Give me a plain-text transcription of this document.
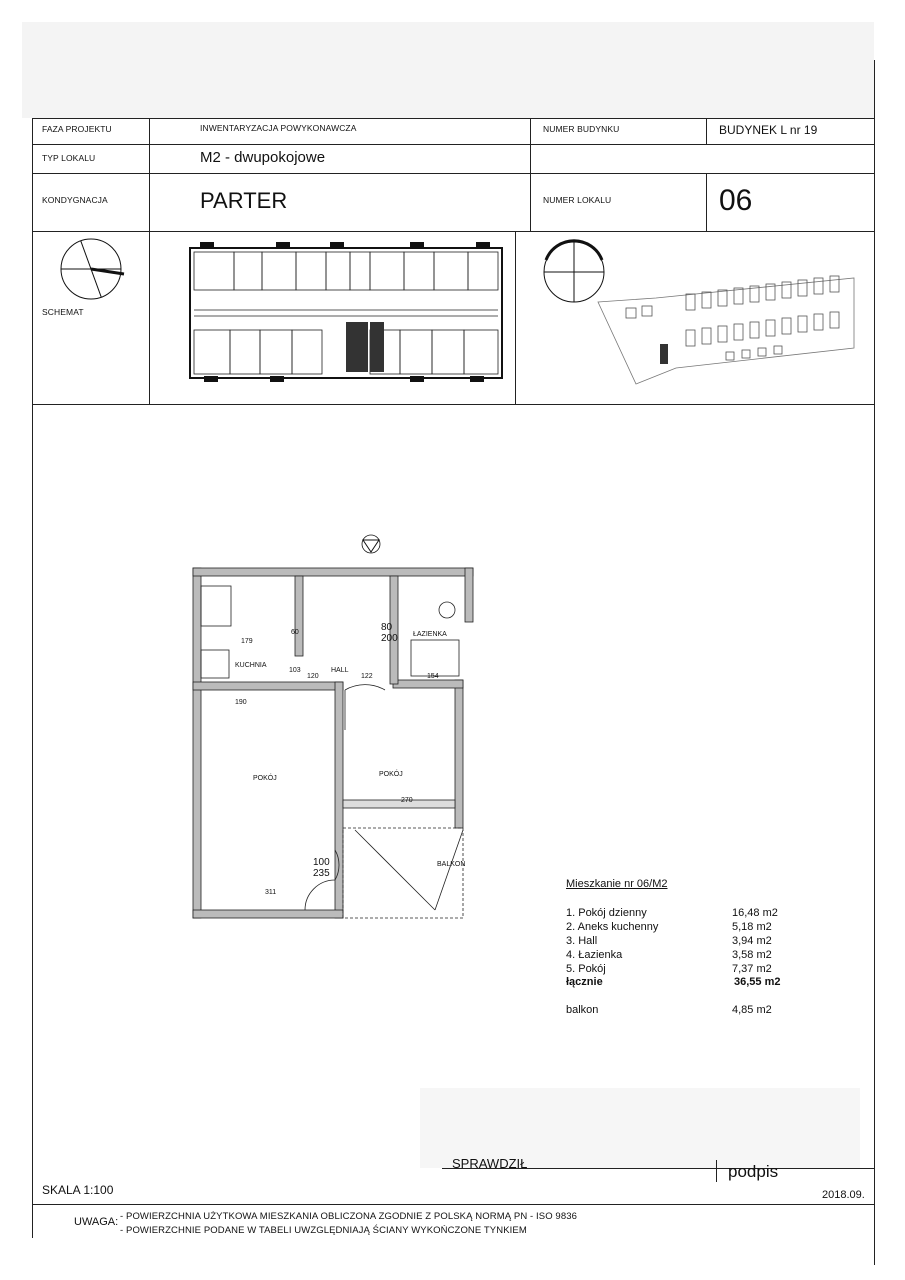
FAZA PROJEKTU	INWENTARYZACJA POWYKONAWCZA	NUMER BUDYNKU	BUDYNEK L nr 19
TYP LOKALU	M2 - dwupokojowe
KONDYGNACJA	PARTER	NUMER LOKALU	06
SCHEMAT
KUCHNIA
HALL
ŁAZIENKA
POKÓJ
POKÓJ
BALKON
103
120	122	154
190
270
311
179
60	80
200
100
235
Mieszkanie nr 06/M2
1. Pokój dzienny	16,48 m2
2. Aneks kuchenny	5,18 m2
3. Hall	3,94 m2
4. Łazienka	3,58 m2
5. Pokój	7,37 m2
łącznie	36,55 m2
balkon	4,85 m2
SPRAWDZIŁ	podpis
SKALA 1:100	2018.09.
UWAGA: - POWIERZCHNIA UŻYTKOWA MIESZKANIA OBLICZONA ZGODNIE Z POLSKĄ NORMĄ PN - ISO 9836
- POWIERZCHNIE PODANE W TABELI UWZGLĘDNIAJĄ ŚCIANY WYKOŃCZONE TYNKIEM
